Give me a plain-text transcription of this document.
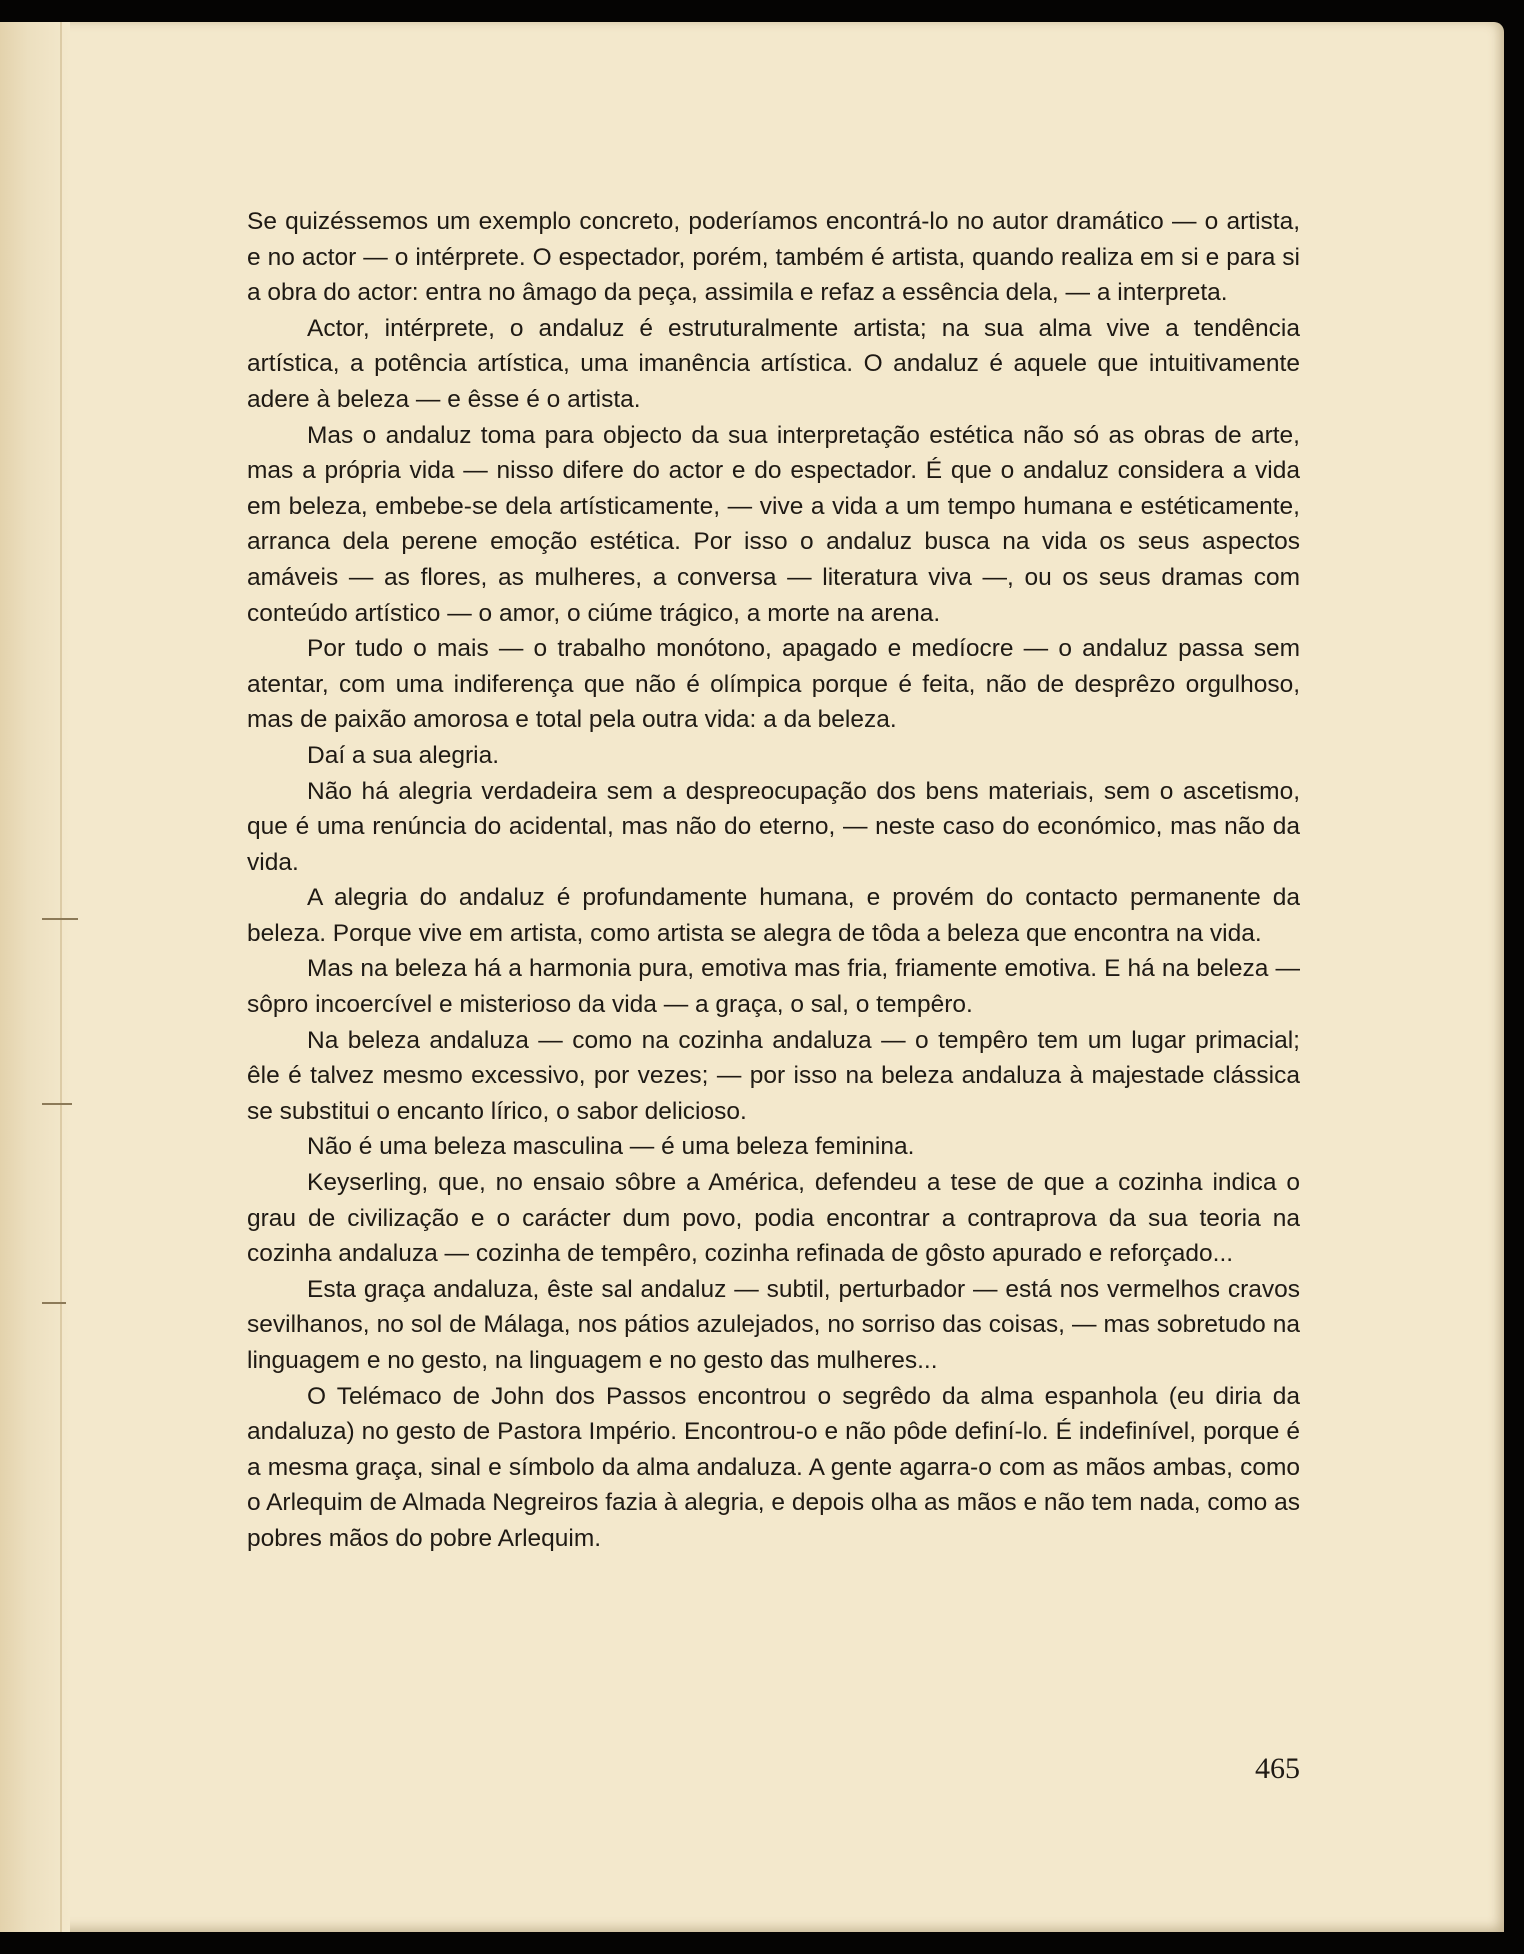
Se quizéssemos um exemplo concreto, poderíamos encontrá-lo no autor dramático — o artista, e no actor — o intérprete. O espectador, porém, também é artista, quando realiza em si e para si a obra do actor: entra no âmago da peça, assimila e refaz a essência dela, — a interpreta.

Actor, intérprete, o andaluz é estruturalmente artista; na sua alma vive a tendência artística, a potência artística, uma imanência artística. O andaluz é aquele que intuitivamente adere à beleza — e êsse é o artista.

Mas o andaluz toma para objecto da sua interpretação estética não só as obras de arte, mas a própria vida — nisso difere do actor e do espectador. É que o andaluz considera a vida em beleza, embebe-se dela artísticamente, — vive a vida a um tempo humana e estéticamente, arranca dela perene emoção estética. Por isso o andaluz busca na vida os seus aspectos amáveis — as flores, as mulheres, a conversa — literatura viva —, ou os seus dramas com conteúdo artístico — o amor, o ciúme trágico, a morte na arena.

Por tudo o mais — o trabalho monótono, apagado e medíocre — o andaluz passa sem atentar, com uma indiferença que não é olímpica porque é feita, não de desprêzo orgulhoso, mas de paixão amorosa e total pela outra vida: a da beleza.

Daí a sua alegria.

Não há alegria verdadeira sem a despreocupação dos bens materiais, sem o ascetismo, que é uma renúncia do acidental, mas não do eterno, — neste caso do económico, mas não da vida.

A alegria do andaluz é profundamente humana, e provém do contacto permanente da beleza. Porque vive em artista, como artista se alegra de tôda a beleza que encontra na vida.

Mas na beleza há a harmonia pura, emotiva mas fria, friamente emotiva. E há na beleza — sôpro incoercível e misterioso da vida — a graça, o sal, o tempêro.

Na beleza andaluza — como na cozinha andaluza — o tempêro tem um lugar primacial; êle é talvez mesmo excessivo, por vezes; — por isso na beleza andaluza à majestade clássica se substitui o encanto lírico, o sabor delicioso.

Não é uma beleza masculina — é uma beleza feminina.

Keyserling, que, no ensaio sôbre a América, defendeu a tese de que a cozinha indica o grau de civilização e o carácter dum povo, podia encontrar a contraprova da sua teoria na cozinha andaluza — cozinha de tempêro, cozinha refinada de gôsto apurado e reforçado...

Esta graça andaluza, êste sal andaluz — subtil, perturbador — está nos vermelhos cravos sevilhanos, no sol de Málaga, nos pátios azulejados, no sorriso das coisas, — mas sobretudo na linguagem e no gesto, na linguagem e no gesto das mulheres...

O Telémaco de John dos Passos encontrou o segrêdo da alma espanhola (eu diria da andaluza) no gesto de Pastora Império. Encontrou-o e não pôde definí-lo. É indefinível, porque é a mesma graça, sinal e símbolo da alma andaluza. A gente agarra-o com as mãos ambas, como o Arlequim de Almada Negreiros fazia à alegria, e depois olha as mãos e não tem nada, como as pobres mãos do pobre Arlequim.

465
